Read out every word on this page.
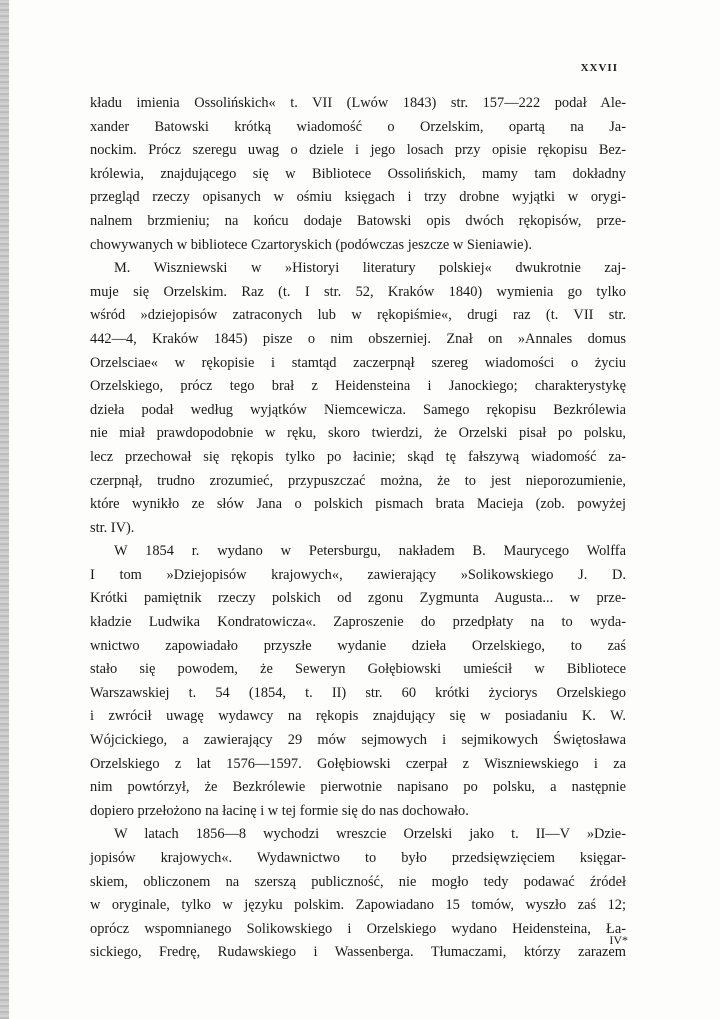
XXVII

kładu imienia Ossolińskich« t. VII (Lwów 1843) str. 157—222 podał Ale-
xander Batowski krótką wiadomość o Orzelskim, opartą na Ja-
nockim. Prócz szeregu uwag o dziele i jego losach przy opisie rękopisu Bez-
królewia, znajdującego się w Bibliotece Ossolińskich, mamy tam dokładny
przegląd rzeczy opisanych w ośmiu księgach i trzy drobne wyjątki w orygi-
nalnem brzmieniu; na końcu dodaje Batowski opis dwóch rękopisów, prze-
chowywanych w bibliotece Czartoryskich (podówczas jeszcze w Sieniawie).
M. Wiszniewski w »Historyi literatury polskiej« dwukrotnie zaj-
muje się Orzelskim. Raz (t. I str. 52, Kraków 1840) wymienia go tylko
wśród »dziejopisów zatraconych lub w rękopiśmie«, drugi raz (t. VII str.
442—4, Kraków 1845) pisze o nim obszerniej. Znał on »Annales domus
Orzelsciae« w rękopisie i stamtąd zaczerpnął szereg wiadomości o życiu
Orzelskiego, prócz tego brał z Heidensteina i Janockiego; charakterystykę
dzieła podał według wyjątków Niemcewicza. Samego rękopisu Bezkrólewia
nie miał prawdopodobnie w ręku, skoro twierdzi, że Orzelski pisał po polsku,
lecz przechował się rękopis tylko po łacinie; skąd tę fałszywą wiadomość za-
czerpnął, trudno zrozumieć, przypuszczać można, że to jest nieporozumienie,
które wynikło ze słów Jana o polskich pismach brata Macieja (zob. powyżej
str. IV).
W 1854 r. wydano w Petersburgu, nakładem B. Maurycego Wolffa
I tom »Dziejopisów krajowych«, zawierający »Solikowskiego J. D.
Krótki pamiętnik rzeczy polskich od zgonu Zygmunta Augusta... w prze-
kładzie Ludwika Kondratowicza«. Zaproszenie do przedpłaty na to wyda-
wnictwo zapowiadało przyszłe wydanie dzieła Orzelskiego, to zaś
stało się powodem, że Seweryn Gołębiowski umieścił w Bibliotece
Warszawskiej t. 54 (1854, t. II) str. 60 krótki życiorys Orzelskiego
i zwrócił uwagę wydawcy na rękopis znajdujący się w posiadaniu K. W.
Wójcickiego, a zawierający 29 mów sejmowych i sejmikowych Świętosława
Orzelskiego z lat 1576—1597. Gołębiowski czerpał z Wiszniewskiego i za
nim powtórzył, że Bezkrólewie pierwotnie napisano po polsku, a następnie
dopiero przełożono na łacinę i w tej formie się do nas dochowało.
W latach 1856—8 wychodzi wreszcie Orzelski jako t. II—V »Dzie-
jopisów krajowych«. Wydawnictwo to było przedsięwzięciem księgar-
skiem, obliczonem na szerszą publiczność, nie mogło tedy podawać źródeł
w oryginale, tylko w języku polskim. Zapowiadano 15 tomów, wyszło zaś 12;
oprócz wspomnianego Solikowskiego i Orzelskiego wydano Heidensteina, Ła-
sickiego, Fredrę, Rudawskiego i Wassenberga. Tłumaczami, którzy zarazem

IV*
